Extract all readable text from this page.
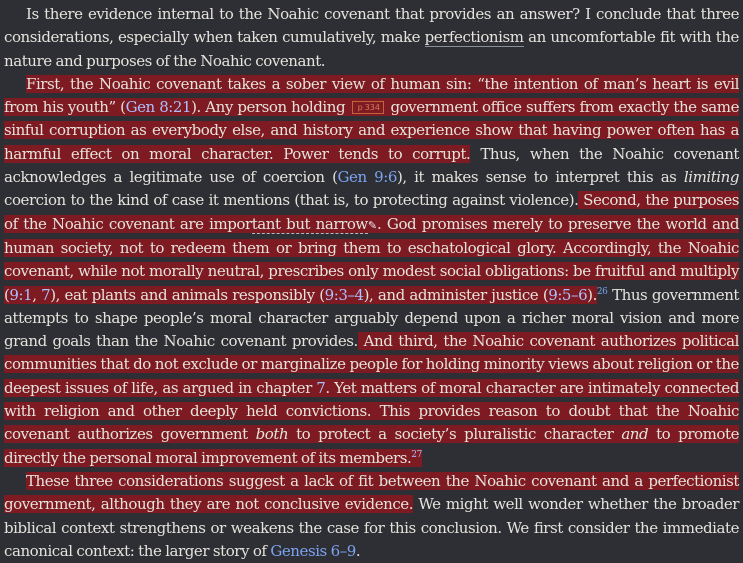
Is there evidence internal to the Noahic covenant that provides an answer? I conclude that three considerations, especially when taken cumulatively, make perfectionism an uncomfortable fit with the nature and purposes of the Noahic covenant.

First, the Noahic covenant takes a sober view of human sin: “the intention of man’s heart is evil from his youth” (Gen 8:21). Any person holding p 334 government office suffers from exactly the same sinful corruption as everybody else, and history and experience show that having power often has a harmful effect on moral character. Power tends to corrupt. Thus, when the Noahic covenant acknowledges a legitimate use of coercion (Gen 9:6), it makes sense to interpret this as limiting coercion to the kind of case it mentions (that is, to protecting against violence). Second, the purposes of the Noahic covenant are important but narrow✎. God promises merely to preserve the world and human society, not to redeem them or bring them to eschatological glory. Accordingly, the Noahic covenant, while not morally neutral, prescribes only modest social obligations: be fruitful and multiply (9:1, 7), eat plants and animals responsibly (9:3–4), and administer justice (9:5–6).$^{26}$ Thus government attempts to shape people’s moral character arguably depend upon a richer moral vision and more grand goals than the Noahic covenant provides. And third, the Noahic covenant authorizes political communities that do not exclude or marginalize people for holding minority views about religion or the deepest issues of life, as argued in chapter 7. Yet matters of moral character are intimately connected with religion and other deeply held convictions. This provides reason to doubt that the Noahic covenant authorizes government both to protect a society’s pluralistic character and to promote directly the personal moral improvement of its members.$^{27}$

These three considerations suggest a lack of fit between the Noahic covenant and a perfectionist government, although they are not conclusive evidence. We might well wonder whether the broader biblical context strengthens or weakens the case for this conclusion. We first consider the immediate canonical context: the larger story of Genesis 6–9.
